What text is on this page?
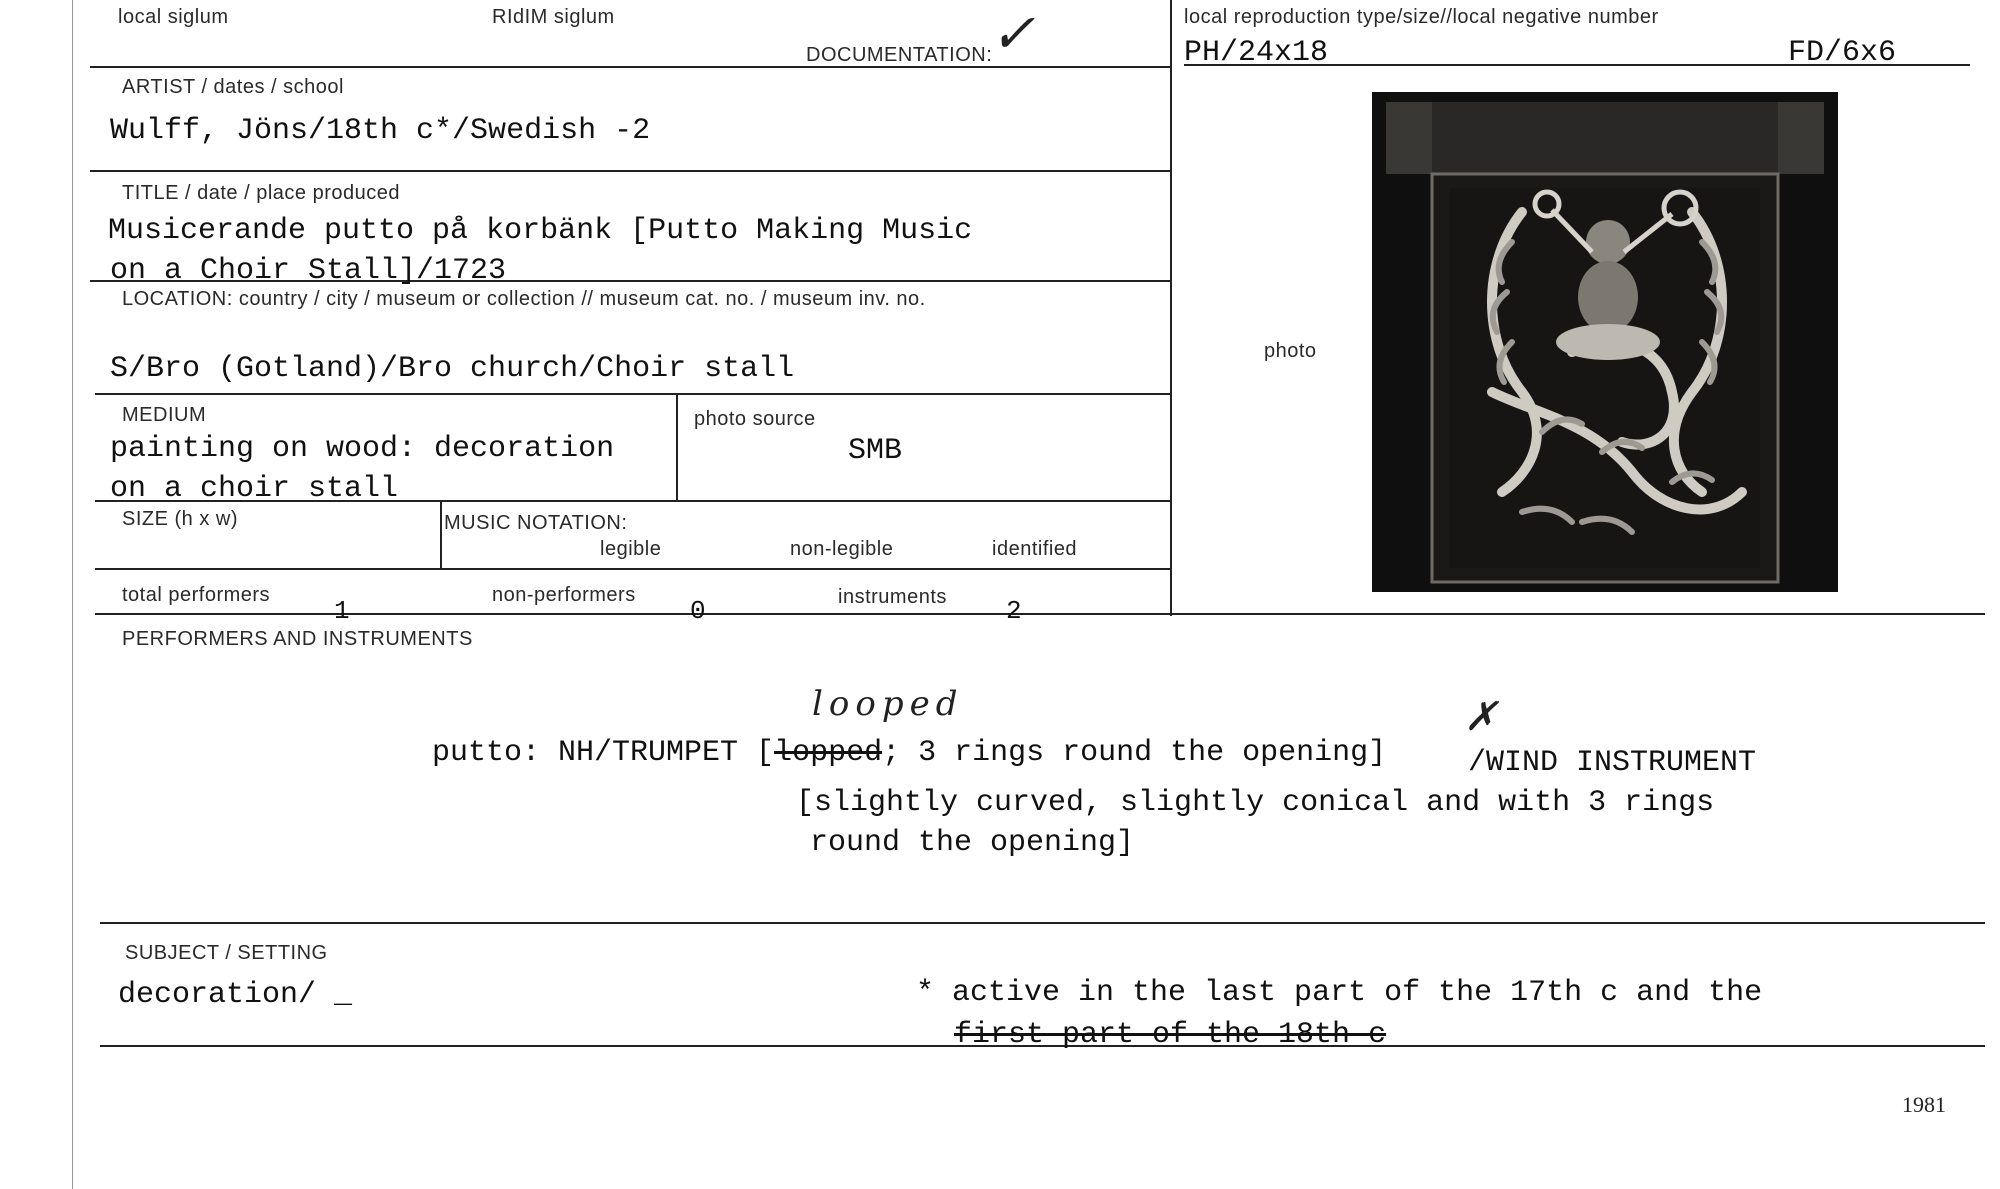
local siglum	RIdIM siglum
DOCUMENTATION:
✓	local reproduction type/size//local negative number
PH/24x18	FD/6x6
ARTIST / dates / school
Wulff, Jöns/18th c*/Swedish -2
TITLE / date / place produced
Musicerande putto på korbänk [Putto Making Music
on a Choir Stall]/1723
LOCATION: country / city / museum or collection // museum cat. no. / museum inv. no.
S/Bro (Gotland)/Bro church/Choir stall
MEDIUM
painting on wood: decoration
on a choir stall
photo source
SMB
SIZE (h x w)	MUSIC NOTATION:
legible	non-legible	identified
total performers
1
non-performers
0	instruments 2
photo
PERFORMERS AND INSTRUMENTS
looped	✗
putto: NH/TRUMPET [lopped; 3 rings round the opening]	/WIND INSTRUMENT
[slightly curved, slightly conical and with 3 rings
round the opening]
SUBJECT / SETTING
decoration/ _	* active in the last part of the 17th c and the
first part of the 18th c
1981
